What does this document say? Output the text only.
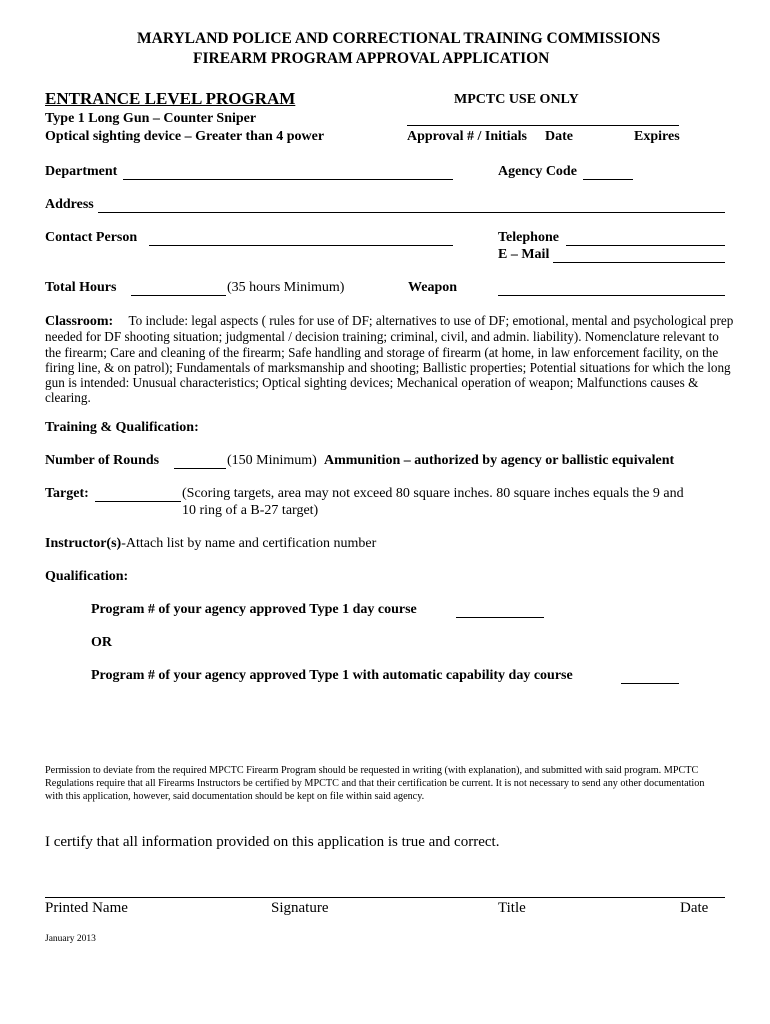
MARYLAND POLICE AND CORRECTIONAL TRAINING COMMISSIONS
FIREARM PROGRAM APPROVAL APPLICATION
ENTRANCE LEVEL PROGRAM
Type 1 Long Gun – Counter Sniper
Optical sighting device – Greater than 4 power
MPCTC USE ONLY
Approval # / Initials Date	Expires
Department	Agency Code
Address
Contact Person	Telephone
E – Mail
Total Hours	(35 hours Minimum)	Weapon
Classroom: To include: legal aspects ( rules for use of DF; alternatives to use of DF; emotional, mental and psychological prep needed for DF shooting situation; judgmental / decision training; criminal, civil, and admin. liability). Nomenclature relevant to the firearm; Care and cleaning of the firearm; Safe handling and storage of firearm (at home, in law enforcement facility, on the firing line, & on patrol); Fundamentals of marksmanship and shooting; Ballistic properties; Potential situations for which the long gun is intended: Unusual characteristics; Optical sighting devices; Mechanical operation of weapon; Malfunctions causes & clearing.
Training & Qualification:
Number of Rounds	(150 Minimum) Ammunition – authorized by agency or ballistic equivalent
Target:	(Scoring targets, area may not exceed 80 square inches. 80 square inches equals the 9 and
10 ring of a B-27 target)
Instructor(s)-Attach list by name and certification number
Qualification:
Program # of your agency approved Type 1 day course
OR
Program # of your agency approved Type 1 with automatic capability day course
Permission to deviate from the required MPCTC Firearm Program should be requested in writing (with explanation), and submitted with said program. MPCTC Regulations require that all Firearms Instructors be certified by MPCTC and that their certification be current. It is not necessary to send any other documentation with this application, however, said documentation should be kept on file within said agency.
I certify that all information provided on this application is true and correct.
Printed Name	Signature	Title	Date
January 2013
